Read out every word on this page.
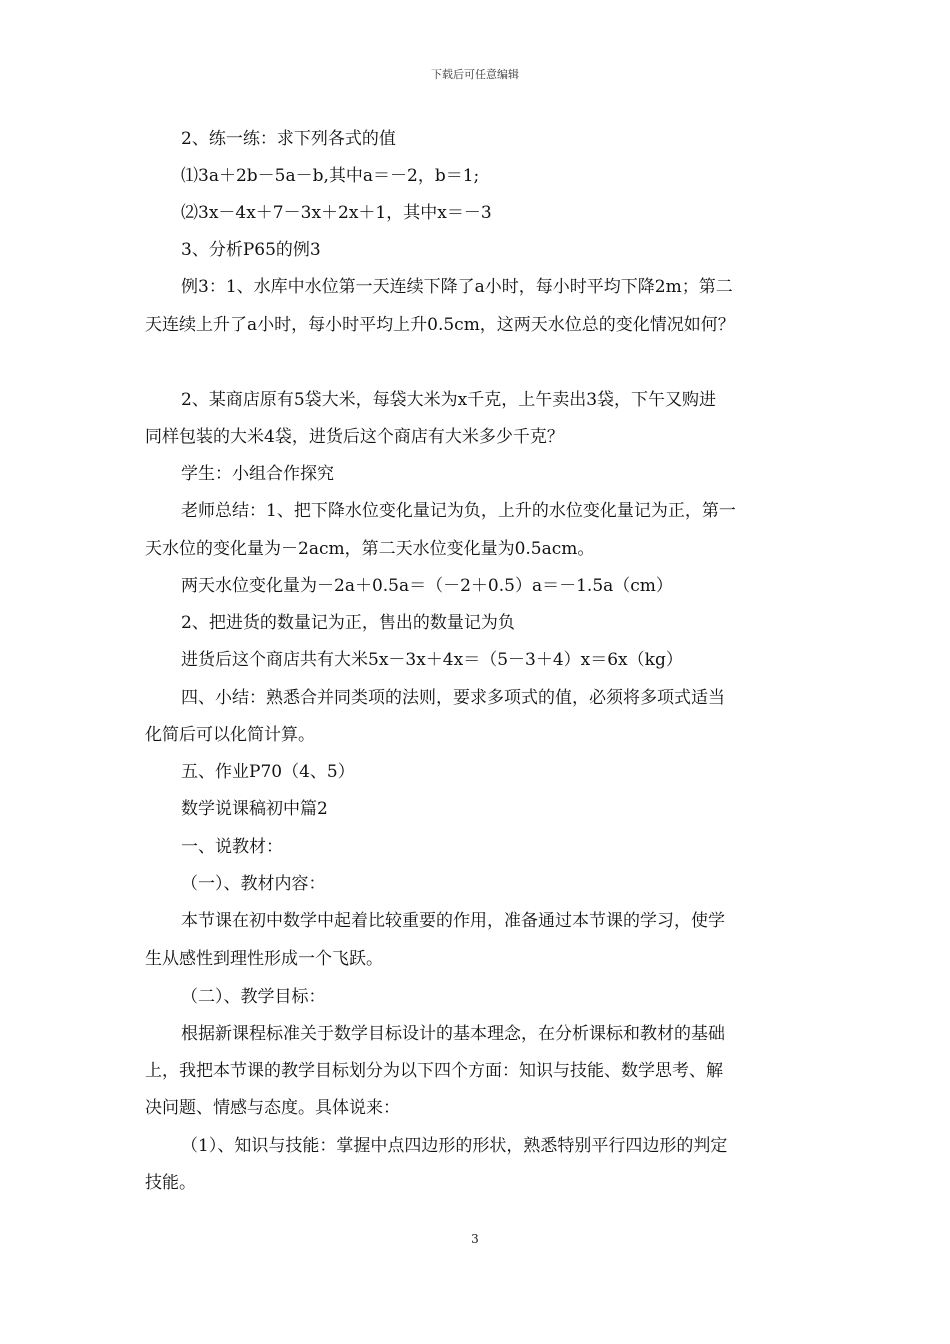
下载后可任意编辑
2、练一练：求下列各式的值
⑴3a＋2b－5a－b,其中a＝－2，b＝1;
⑵3x－4x＋7－3x＋2x＋1，其中x＝－3
3、分析P65的例3
例3：1、水库中水位第一天连续下降了a小时，每小时平均下降2m；第二
天连续上升了a小时，每小时平均上升0.5cm，这两天水位总的变化情况如何？
2、某商店原有5袋大米，每袋大米为x千克，上午卖出3袋，下午又购进
同样包装的大米4袋，进货后这个商店有大米多少千克？
学生：小组合作探究
老师总结：1、把下降水位变化量记为负，上升的水位变化量记为正，第一
天水位的变化量为－2acm，第二天水位变化量为0.5acm。
两天水位变化量为－2a＋0.5a＝（－2＋0.5）a＝－1.5a（cm）
2、把进货的数量记为正，售出的数量记为负
进货后这个商店共有大米5x－3x＋4x＝（5－3＋4）x＝6x（kg）
四、小结：熟悉合并同类项的法则，要求多项式的值，必须将多项式适当
化简后可以化简计算。
五、作业P70（4、5）
数学说课稿初中篇2
一、说教材：
（一）、教材内容：
本节课在初中数学中起着比较重要的作用，准备通过本节课的学习，使学
生从感性到理性形成一个飞跃。
（二）、教学目标：
根据新课程标准关于数学目标设计的基本理念，在分析课标和教材的基础
上，我把本节课的教学目标划分为以下四个方面：知识与技能、数学思考、解
决问题、情感与态度。具体说来：
（1）、知识与技能：掌握中点四边形的形状，熟悉特别平行四边形的判定
技能。
3
